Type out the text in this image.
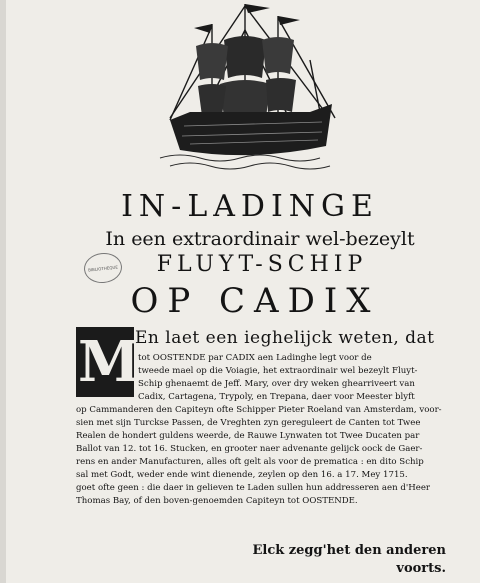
BIBLIOTHEQUE
IN-LADINGE
In een extraordinair wel-bezeylt
FLUYT-SCHIP
OP CADIX
M
En laet een ieghelijck weten, dat
tot OOSTENDE par CADIX aen Ladinghe legt voor de
tweede mael op die Voiagie, het extraordinair wel bezeylt Fluyt-
Schip ghenaemt de Jeff. Mary, over dry weken ghearriveert van
Cadix, Cartagena, Trypoly, en Trepana, daer voor Meester blyft
op Cammanderen den Capiteyn ofte Schipper Pieter Roeland van Amsterdam, voor-
sien met sijn Turckse Passen, de Vreghten zyn gereguleert de Canten tot Twee
Realen de hondert guldens weerde, de Rauwe Lynwaten tot Twee Ducaten par
Ballot van 12. tot 16. Stucken, en grooter naer advenante gelijck oock de Gaer-
rens en ander Manufacturen, alles oft gelt als voor de prematica : en dito Schip
sal met Godt, weder ende wint dienende, zeylen op den 16. a 17. Mey 1715.
goet ofte geen : die daer in gelieven te Laden sullen hun addresseren aen d'Heer
Thomas Bay, of den boven-genoemden Capiteyn tot OOSTENDE.
Elck zegg'het den anderen voorts.
